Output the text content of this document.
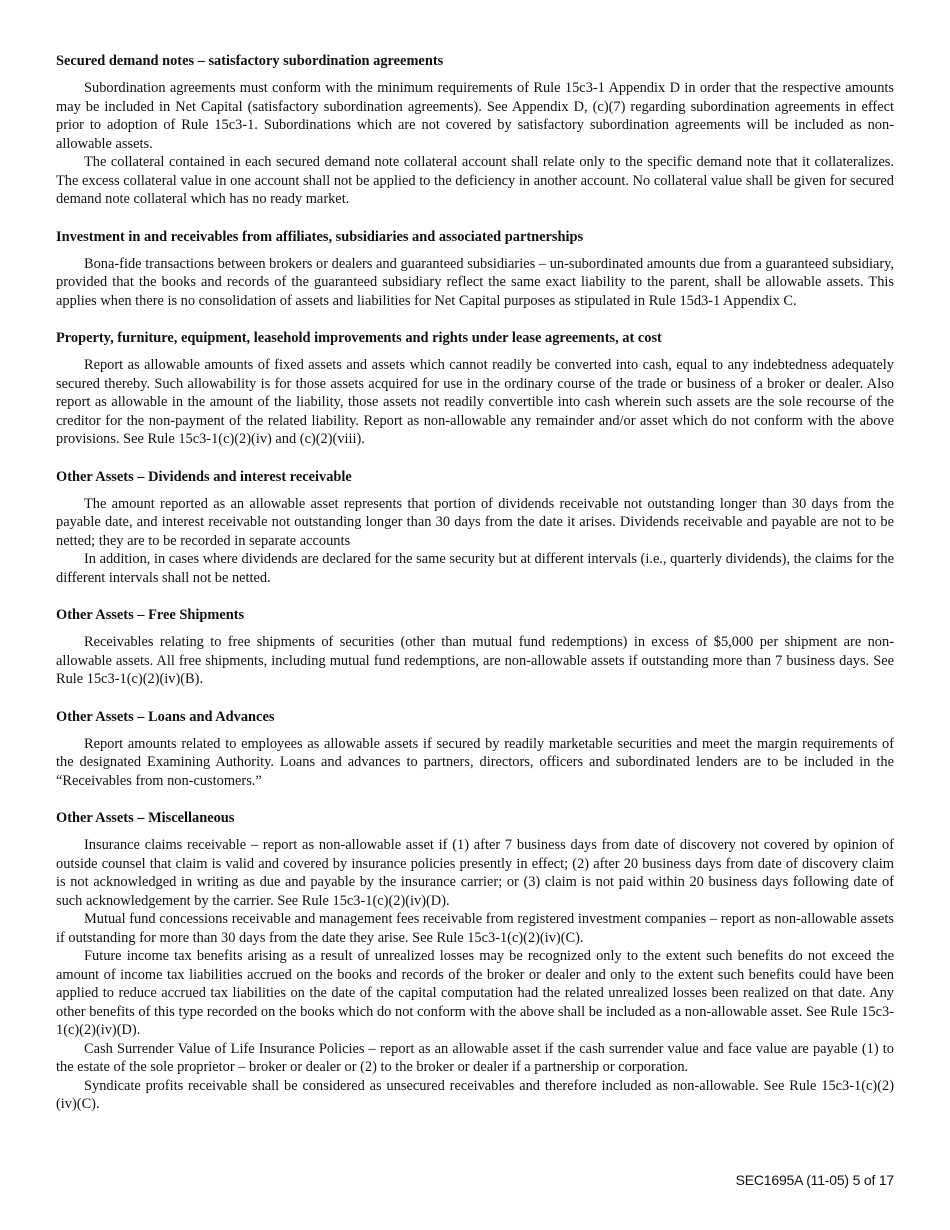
Secured demand notes – satisfactory subordination agreements

Subordination agreements must conform with the minimum requirements of Rule 15c3-1 Appendix D in order that the respective amounts may be included in Net Capital (satisfactory subordination agreements). See Appendix D, (c)(7) regarding subordination agreements in effect prior to adoption of Rule 15c3-1. Subordinations which are not covered by satisfactory subordination agreements will be included as non-allowable assets.

The collateral contained in each secured demand note collateral account shall relate only to the specific demand note that it collateralizes. The excess collateral value in one account shall not be applied to the deficiency in another account. No collateral value shall be given for secured demand note collateral which has no ready market.

Investment in and receivables from affiliates, subsidiaries and associated partnerships

Bona-fide transactions between brokers or dealers and guaranteed subsidiaries – un-subordinated amounts due from a guaranteed subsidiary, provided that the books and records of the guaranteed subsidiary reflect the same exact liability to the parent, shall be allowable assets. This applies when there is no consolidation of assets and liabilities for Net Capital purposes as stipulated in Rule 15d3-1 Appendix C.

Property, furniture, equipment, leasehold improvements and rights under lease agreements, at cost

Report as allowable amounts of fixed assets and assets which cannot readily be converted into cash, equal to any indebtedness adequately secured thereby. Such allowability is for those assets acquired for use in the ordinary course of the trade or business of a broker or dealer. Also report as allowable in the amount of the liability, those assets not readily convertible into cash wherein such assets are the sole recourse of the creditor for the non-payment of the related liability. Report as non-allowable any remainder and/or asset which do not conform with the above provisions. See Rule 15c3-1(c)(2)(iv) and (c)(2)(viii).

Other Assets – Dividends and interest receivable

The amount reported as an allowable asset represents that portion of dividends receivable not outstanding longer than 30 days from the payable date, and interest receivable not outstanding longer than 30 days from the date it arises. Dividends receivable and payable are not to be netted; they are to be recorded in separate accounts

In addition, in cases where dividends are declared for the same security but at different intervals (i.e., quarterly dividends), the claims for the different intervals shall not be netted.

Other Assets – Free Shipments

Receivables relating to free shipments of securities (other than mutual fund redemptions) in excess of $5,000 per shipment are non-allowable assets. All free shipments, including mutual fund redemptions, are non-allowable assets if outstanding more than 7 business days. See Rule 15c3-1(c)(2)(iv)(B).

Other Assets – Loans and Advances

Report amounts related to employees as allowable assets if secured by readily marketable securities and meet the margin requirements of the designated Examining Authority. Loans and advances to partners, directors, officers and subordinated lenders are to be included in the “Receivables from non-customers.”

Other Assets – Miscellaneous

Insurance claims receivable – report as non-allowable asset if (1) after 7 business days from date of discovery not covered by opinion of outside counsel that claim is valid and covered by insurance policies presently in effect; (2) after 20 business days from date of discovery claim is not acknowledged in writing as due and payable by the insurance carrier; or (3) claim is not paid within 20 business days following date of such acknowledgement by the carrier. See Rule 15c3-1(c)(2)(iv)(D).

Mutual fund concessions receivable and management fees receivable from registered investment companies – report as non-allowable assets if outstanding for more than 30 days from the date they arise. See Rule 15c3-1(c)(2)(iv)(C).

Future income tax benefits arising as a result of unrealized losses may be recognized only to the extent such benefits do not exceed the amount of income tax liabilities accrued on the books and records of the broker or dealer and only to the extent such benefits could have been applied to reduce accrued tax liabilities on the date of the capital computation had the related unrealized losses been realized on that date. Any other benefits of this type recorded on the books which do not conform with the above shall be included as a non-allowable asset. See Rule 15c3-1(c)(2)(iv)(D).

Cash Surrender Value of Life Insurance Policies – report as an allowable asset if the cash surrender value and face value are payable (1) to the estate of the sole proprietor – broker or dealer or (2) to the broker or dealer if a partnership or corporation.

Syndicate profits receivable shall be considered as unsecured receivables and therefore included as non-allowable. See Rule 15c3-1(c)(2)(iv)(C).

SEC1695A (11-05) 5 of 17
